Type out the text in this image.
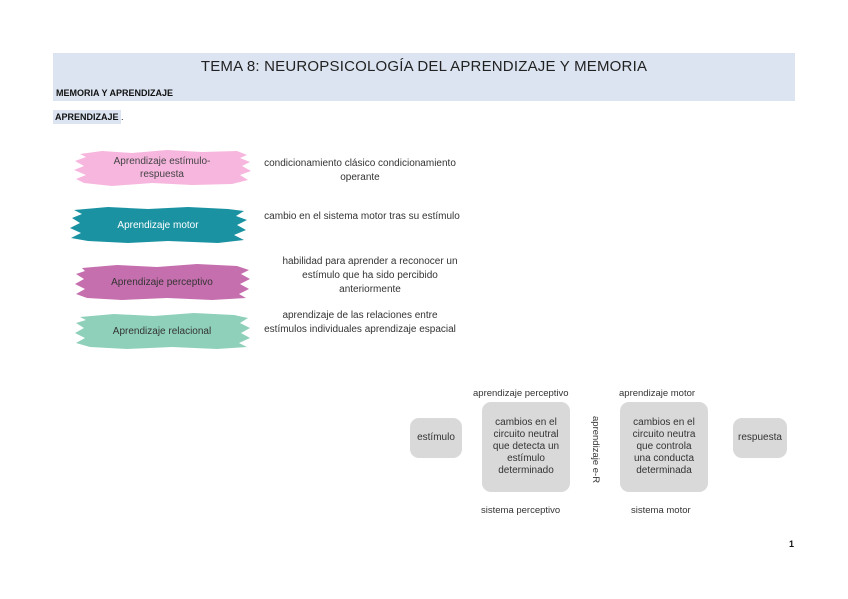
TEMA 8: NEUROPSICOLOGÍA DEL APRENDIZAJE Y MEMORIA
MEMORIA Y APRENDIZAJE
APRENDIZAJE .
Aprendizaje estímulo-respuesta
condicionamiento clásico condicionamiento operante
Aprendizaje motor
cambio en el sistema motor tras su estímulo
Aprendizaje perceptivo
habilidad para aprender a reconocer un estímulo que ha sido percibido anteriormente
Aprendizaje relacional
aprendizaje de las relaciones entre estímulos individuales aprendizaje espacial
estímulo
cambios en el circuito neutral que detecta un estímulo determinado
cambios en el circuito neutra que controla una conducta determinada
respuesta
aprendizaje perceptivo	aprendizaje motor
sistema perceptivo	sistema motor
aprendizaje e-R
1
